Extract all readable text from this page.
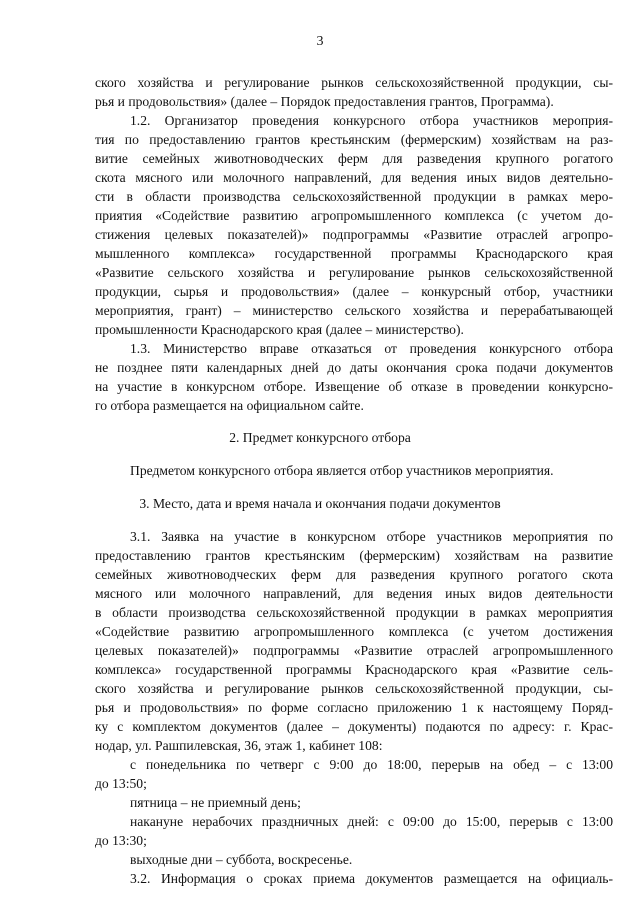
3
ского хозяйства и регулирование рынков сельскохозяйственной продукции, сы-
рья и продовольствия» (далее – Порядок предоставления грантов, Программа).
1.2. Организатор проведения конкурсного отбора участников мероприя-
тия по предоставлению грантов крестьянским (фермерским) хозяйствам на раз-
витие семейных животноводческих ферм для разведения крупного рогатого
скота мясного или молочного направлений, для ведения иных видов деятельно-
сти в области производства сельскохозяйственной продукции в рамках меро-
приятия «Содействие развитию агропромышленного комплекса (с учетом до-
стижения целевых показателей)» подпрограммы «Развитие отраслей агропро-
мышленного комплекса» государственной программы Краснодарского края
«Развитие сельского хозяйства и регулирование рынков сельскохозяйственной
продукции, сырья и продовольствия» (далее – конкурсный отбор, участники
мероприятия, грант) – министерство сельского хозяйства и перерабатывающей
промышленности Краснодарского края (далее – министерство).
1.3. Министерство вправе отказаться от проведения конкурсного отбора
не позднее пяти календарных дней до даты окончания срока подачи документов
на участие в конкурсном отборе. Извещение об отказе в проведении конкурсно-
го отбора размещается на официальном сайте.
2. Предмет конкурсного отбора
Предметом конкурсного отбора является отбор участников мероприятия.
3. Место, дата и время начала и окончания подачи документов
3.1. Заявка на участие в конкурсном отборе участников мероприятия по
предоставлению грантов крестьянским (фермерским) хозяйствам на развитие
семейных животноводческих ферм для разведения крупного рогатого скота
мясного или молочного направлений, для ведения иных видов деятельности
в области производства сельскохозяйственной продукции в рамках мероприятия
«Содействие развитию агропромышленного комплекса (с учетом достижения
целевых показателей)» подпрограммы «Развитие отраслей агропромышленного
комплекса» государственной программы Краснодарского края «Развитие сель-
ского хозяйства и регулирование рынков сельскохозяйственной продукции, сы-
рья и продовольствия» по форме согласно приложению 1 к настоящему Поряд-
ку с комплектом документов (далее – документы) подаются по адресу: г. Крас-
нодар, ул. Рашпилевская, 36, этаж 1, кабинет 108:
с понедельника по четверг с 9:00 до 18:00, перерыв на обед – с 13:00
до 13:50;
пятница – не приемный день;
накануне нерабочих праздничных дней: с 09:00 до 15:00, перерыв с 13:00
до 13:30;
выходные дни – суббота, воскресенье.
3.2. Информация о сроках приема документов размещается на официаль-
